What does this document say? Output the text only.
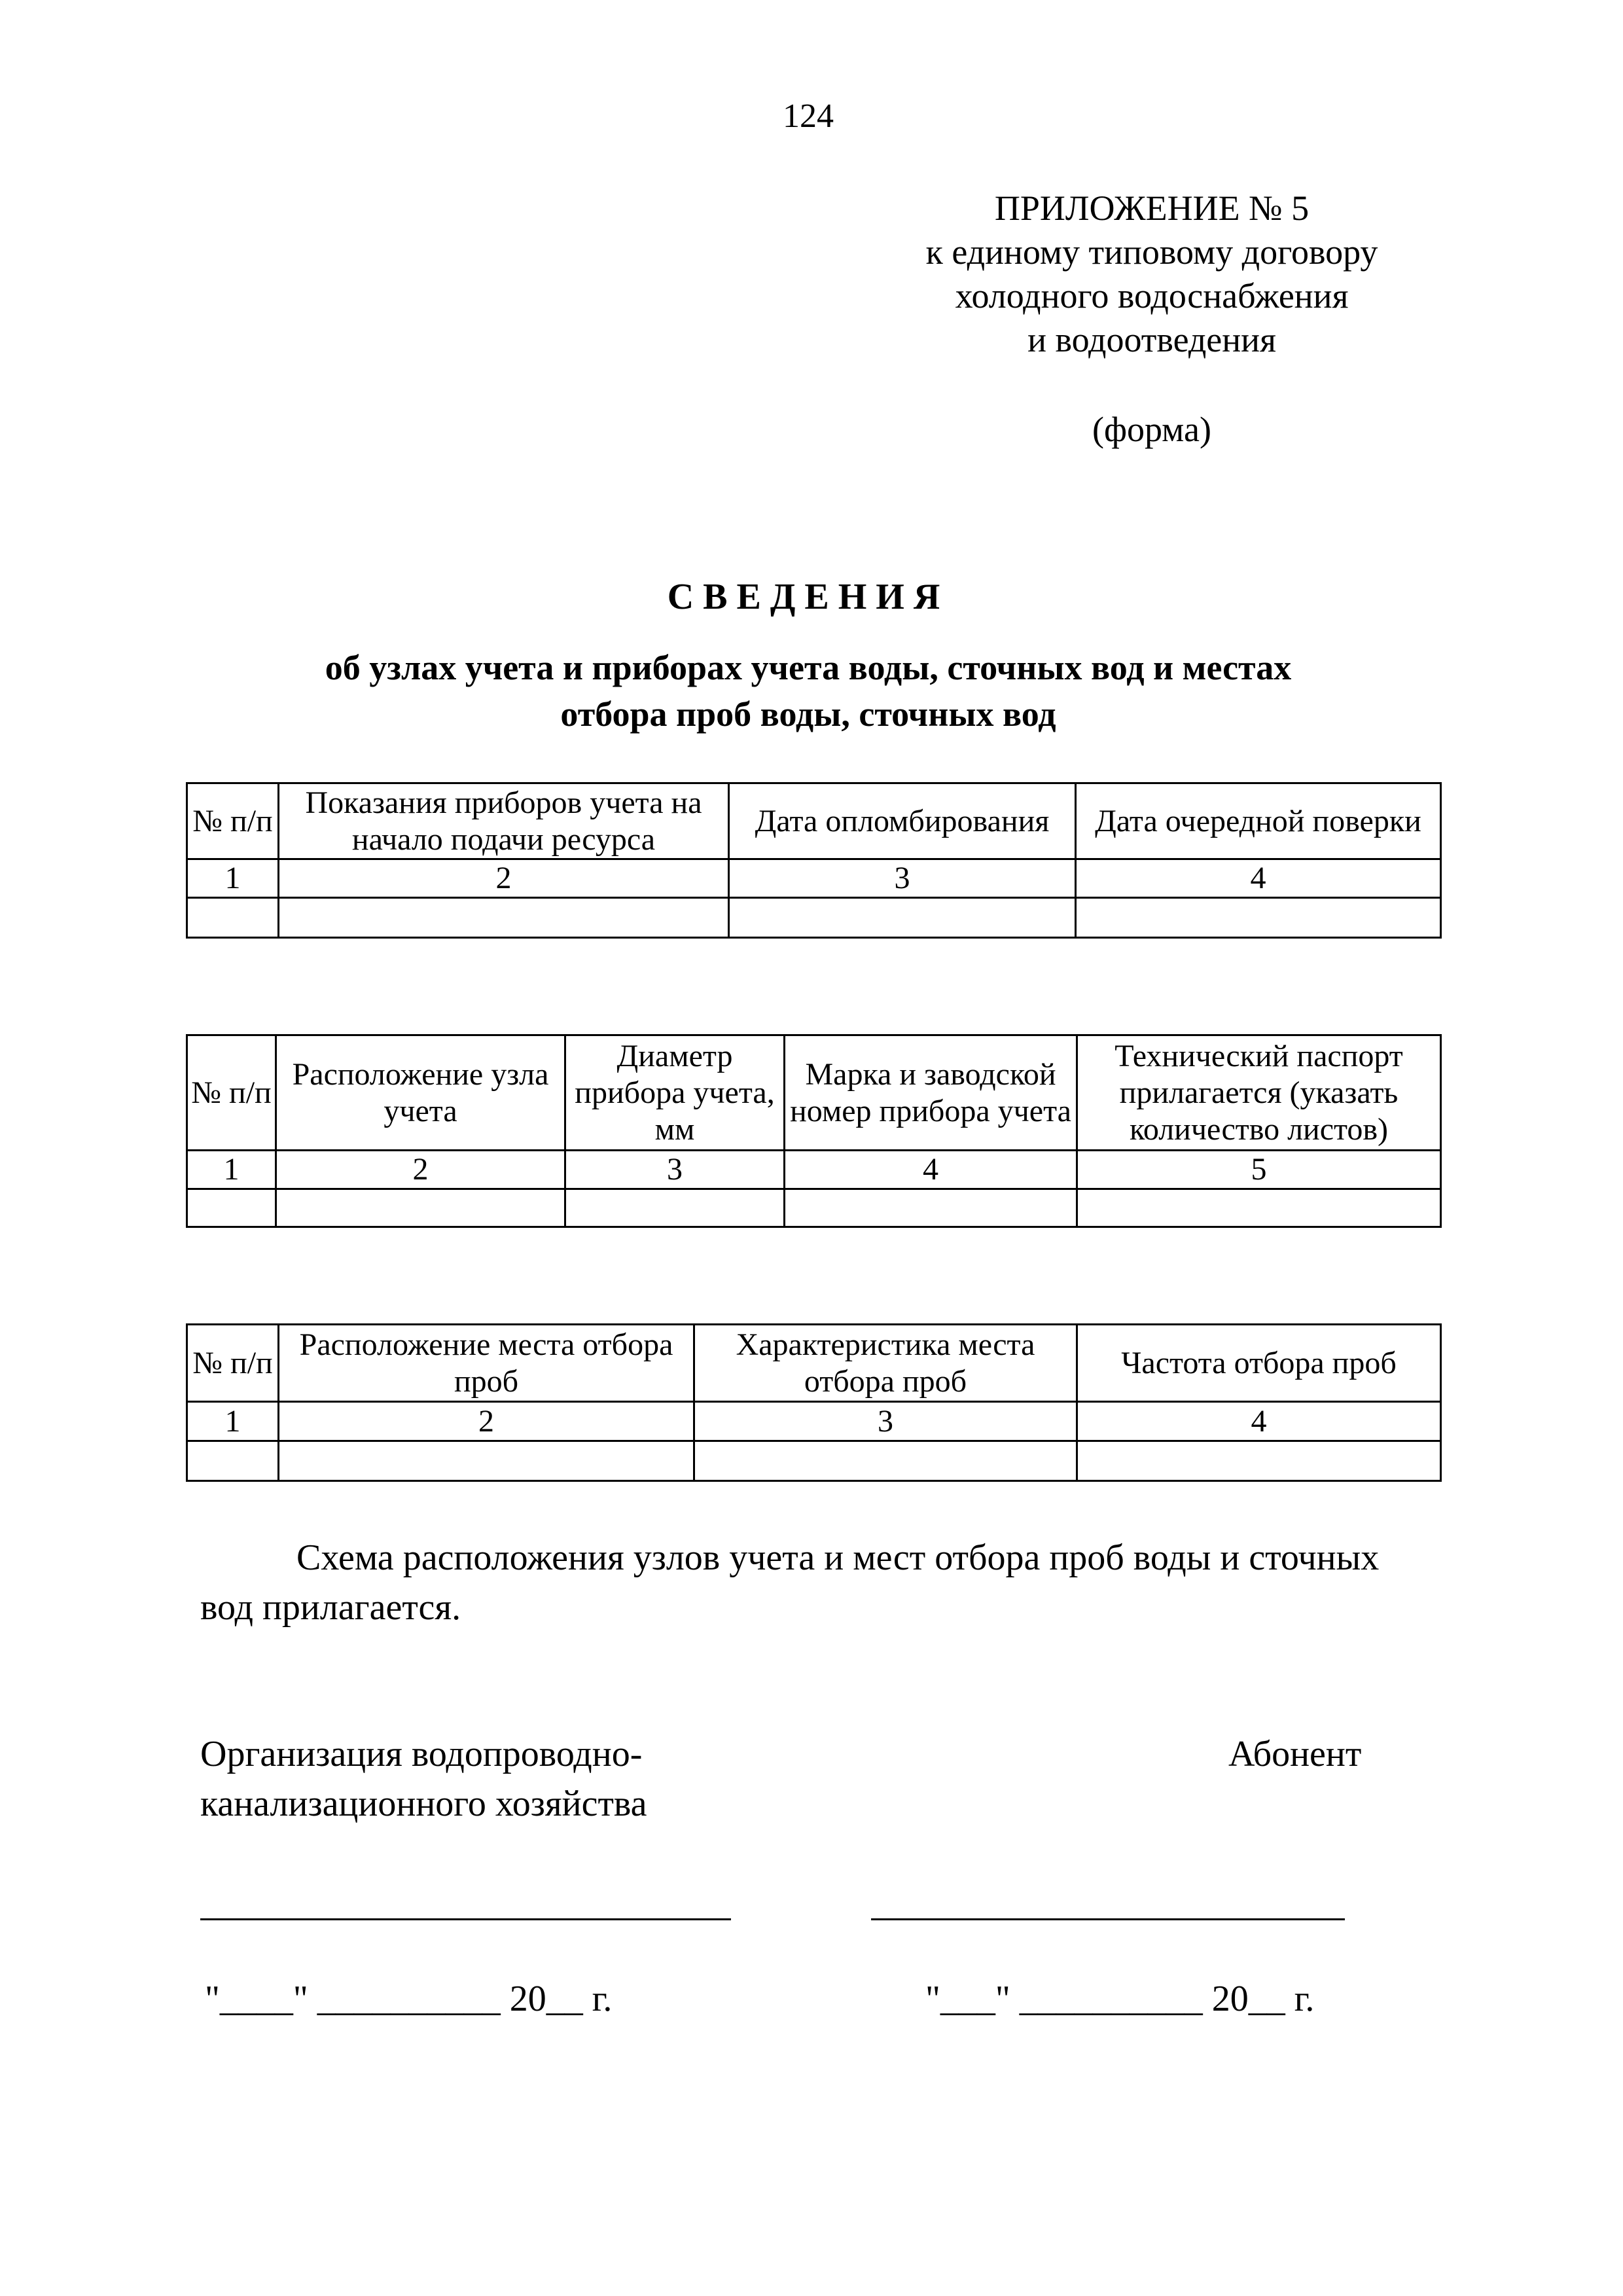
124
ПРИЛОЖЕНИЕ № 5
к единому типовому договору
холодного водоснабжения
и водоотведения
(форма)
СВЕДЕНИЯ
об узлах учета и приборах учета воды, сточных вод и местах
отбора проб воды, сточных вод
№ п/п	Показания приборов учета на начало подачи ресурса	Дата опломбирования	Дата очередной поверки
1	2	3	4

№ п/п	Расположение узла учета	Диаметр прибора учета, мм	Марка и заводской номер прибора учета	Технический паспорт прилагается (указать количество листов)
1	2	3	4	5

№ п/п	Расположение места отбора проб	Характеристика места отбора проб	Частота отбора проб
1	2	3	4

Схема расположения узлов учета и мест отбора проб воды и сточных
вод прилагается.
Организация водопроводно-
канализационного хозяйства
Абонент
"____" __________ 20__ г.	"___" __________ 20__ г.
